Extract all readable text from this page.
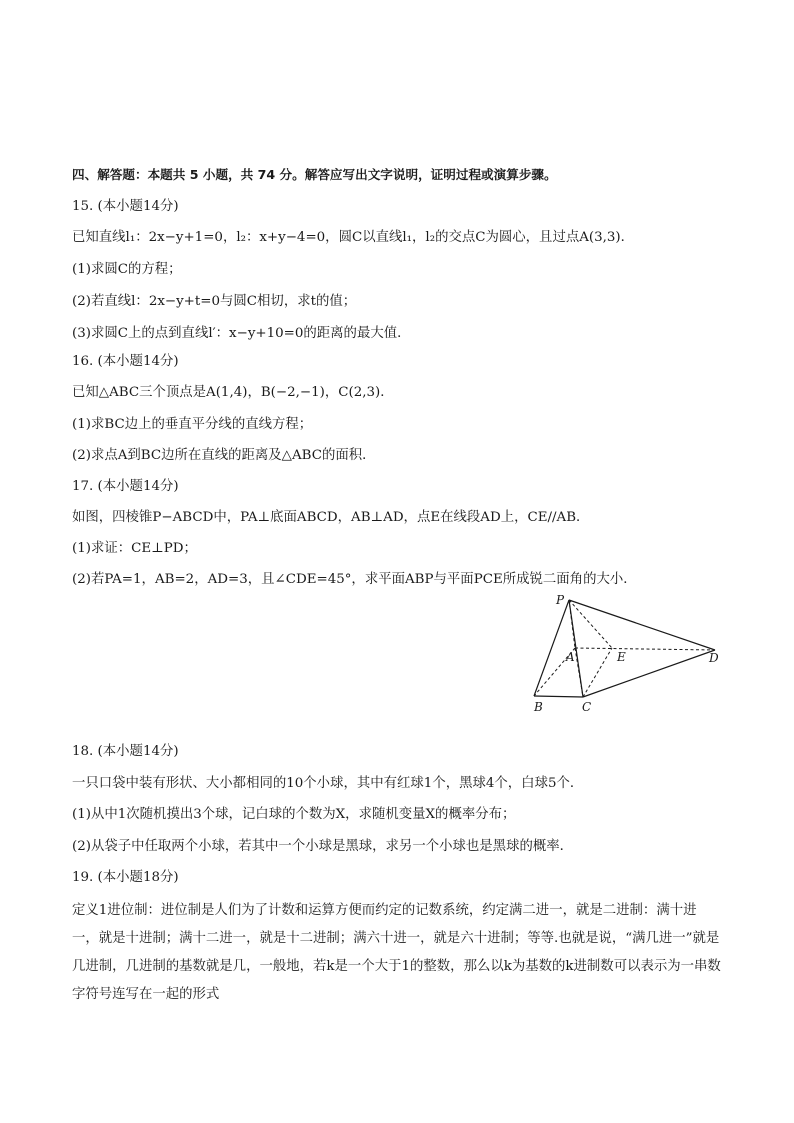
四、解答题：本题共 5 小题，共 74 分。解答应写出文字说明，证明过程或演算步骤。
15. (本小题14分)
已知直线l₁：2x−y+1=0，l₂：x+y−4=0，圆C以直线l₁，l₂的交点C为圆心，且过点A(3,3)．
(1)求圆C的方程；
(2)若直线l：2x−y+t=0与圆C相切，求t的值；
(3)求圆C上的点到直线l′：x−y+10=0的距离的最大值．
16. (本小题14分)
已知△ABC三个顶点是A(1,4)，B(−2,−1)，C(2,3)．
(1)求BC边上的垂直平分线的直线方程；
(2)求点A到BC边所在直线的距离及△ABC的面积．
17. (本小题14分)
如图，四棱锥P−ABCD中，PA⊥底面ABCD，AB⊥AD，点E在线段AD上，CE//AB．
(1)求证：CE⊥PD；
(2)若PA=1，AB=2，AD=3，且∠CDE=45°，求平面ABP与平面PCE所成锐二面角的大小．
P
A	E	D
B	C
18. (本小题14分)
一只口袋中装有形状、大小都相同的10个小球，其中有红球1个，黑球4个，白球5个．
(1)从中1次随机摸出3个球，记白球的个数为X，求随机变量X的概率分布；
(2)从袋子中任取两个小球，若其中一个小球是黑球，求另一个小球也是黑球的概率．
19. (本小题18分)
定义1进位制：进位制是人们为了计数和运算方便而约定的记数系统，约定满二进一，就是二进制：满十进一，就是十进制；满十二进一，就是十二进制；满六十进一，就是六十进制；等等.也就是说，“满几进一”就是几进制，几进制的基数就是几，一般地，若k是一个大于1的整数，那么以k为基数的k进制数可以表示为一串数字符号连写在一起的形式
